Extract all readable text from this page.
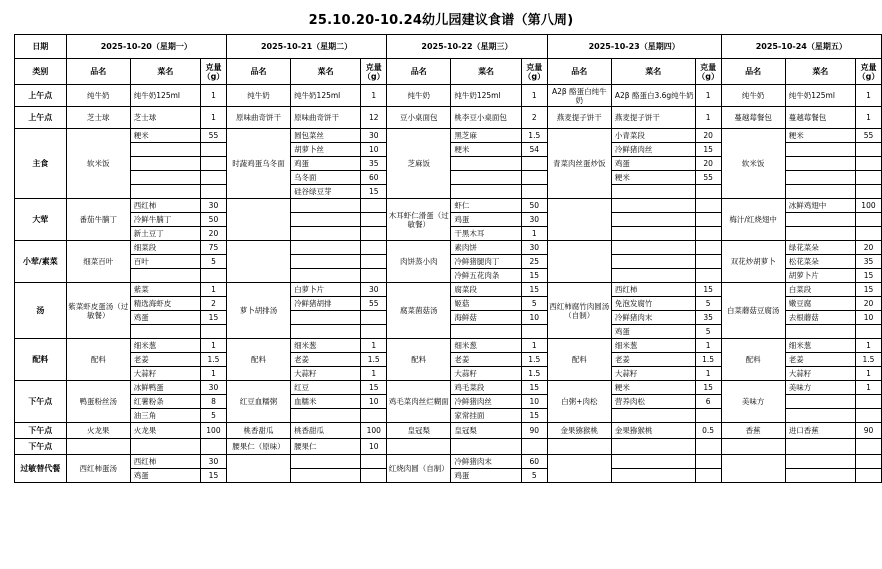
25.10.20-10.24幼儿园建议食谱（第八周)
日期	2025-10-20（星期一）			2025-10-21（星期二）			2025-10-22（星期三）			2025-10-23（星期四）			2025-10-24（星期五）		
类别	品名	菜名	克量（g）	品名	菜名	克量（g）	品名	菜名	克量（g）	品名	菜名	克量（g）	品名	菜名	克量（g）
上午点	纯牛奶	纯牛奶125ml	1	纯牛奶	纯牛奶125ml	1	纯牛奶	纯牛奶125ml	1	A2β 酪蛋白纯牛奶	A2β 酪蛋白3.6g纯牛奶	1	纯牛奶	纯牛奶125ml	1
上午点	芝士球	芝士球	1	原味曲奇饼干	原味曲奇饼干	12	豆小桌面包	桃李豆小桌面包	2	燕麦提子饼干	燕麦提子饼干	1	蔓越莓餐包	蔓越莓餐包	1
主食	软米饭	粳米	55	时蔬鸡蛋乌冬面	圆包菜丝	30	芝麻饭	黑芝麻	1.5	青菜肉丝蛋炒饭	小青菜段	20	软米饭	粳米	55
					胡萝卜丝	10		粳米	54		冷鲜猪肉丝	15			
					鸡蛋	35					鸡蛋	20			
					乌冬面	60					粳米	55			
					硅谷绿豆芽	15									
大荤	番茄牛腩丁	西红柿	30				木耳虾仁滑蛋（过敏餐）	虾仁	50				梅汁/红烧翅中	冰鲜鸡翅中	100
		冷鲜牛腩丁	50					鸡蛋	30						
		新土豆丁	20					干黑木耳	1						
小荤/素菜	细菜百叶	细菜段	75				肉饼蒸小肉	素肉饼	30				双花炒胡萝卜	绿花菜朵	20
		百叶	5					冷鲜猪腿肉丁	25					松花菜朵	35
								冷鲜五花肉条	15					胡萝卜片	15
汤	紫菜虾皮蛋汤（过敏餐）	紫菜	1	萝卜胡排汤	白萝卜片	30	腐菜菌菇汤	腐菜段	15	西红柿腐竹肉圆汤（自制）	西红柿	15	白菜蘑菇豆腐汤	白菜段	15
		精选海虾皮	2		冷鲜猪胡排	55		姬菇	5		免泡发腐竹	5		嫩豆腐	20
		鸡蛋	15					海鲜菇	10		冷鲜猪肉末	35		去根蘑菇	10
											鸡蛋	5			
配料	配料	细米葱	1	配料	细米葱	1	配料	细米葱	1	配料	细米葱	1	配料	细米葱	1
		老姜	1.5		老姜	1.5		老姜	1.5		老姜	1.5		老姜	1.5
		大蒜籽	1		大蒜籽	1		大蒜籽	1.5		大蒜籽	1		大蒜籽	1
下午点	鸭蛋粉丝汤	冰鲜鸭蛋	30	红豆血糯粥	红豆	15	鸡毛菜肉丝烂糊面	鸡毛菜段	15	白粥+肉松	粳米	15	美味方	美味方	1
		红薯粉条	8		血糯米	10		冷鲜猪肉丝	10		营养肉松	6			
		油三角	5					家常挂面	15						
下午点	火龙果	火龙果	100	桃香甜瓜	桃香甜瓜	100	皇冠梨	皇冠梨	90	金果猕猴桃	金果猕猴桃	0.5	香蕉	进口香蕉	90
下午点				腰果仁（原味）	腰果仁	10									
过敏替代餐	西红柿蛋汤	西红柿	30				红烧肉圆（自制）	冷鲜猪肉末	60						
		鸡蛋	15					鸡蛋	5						
